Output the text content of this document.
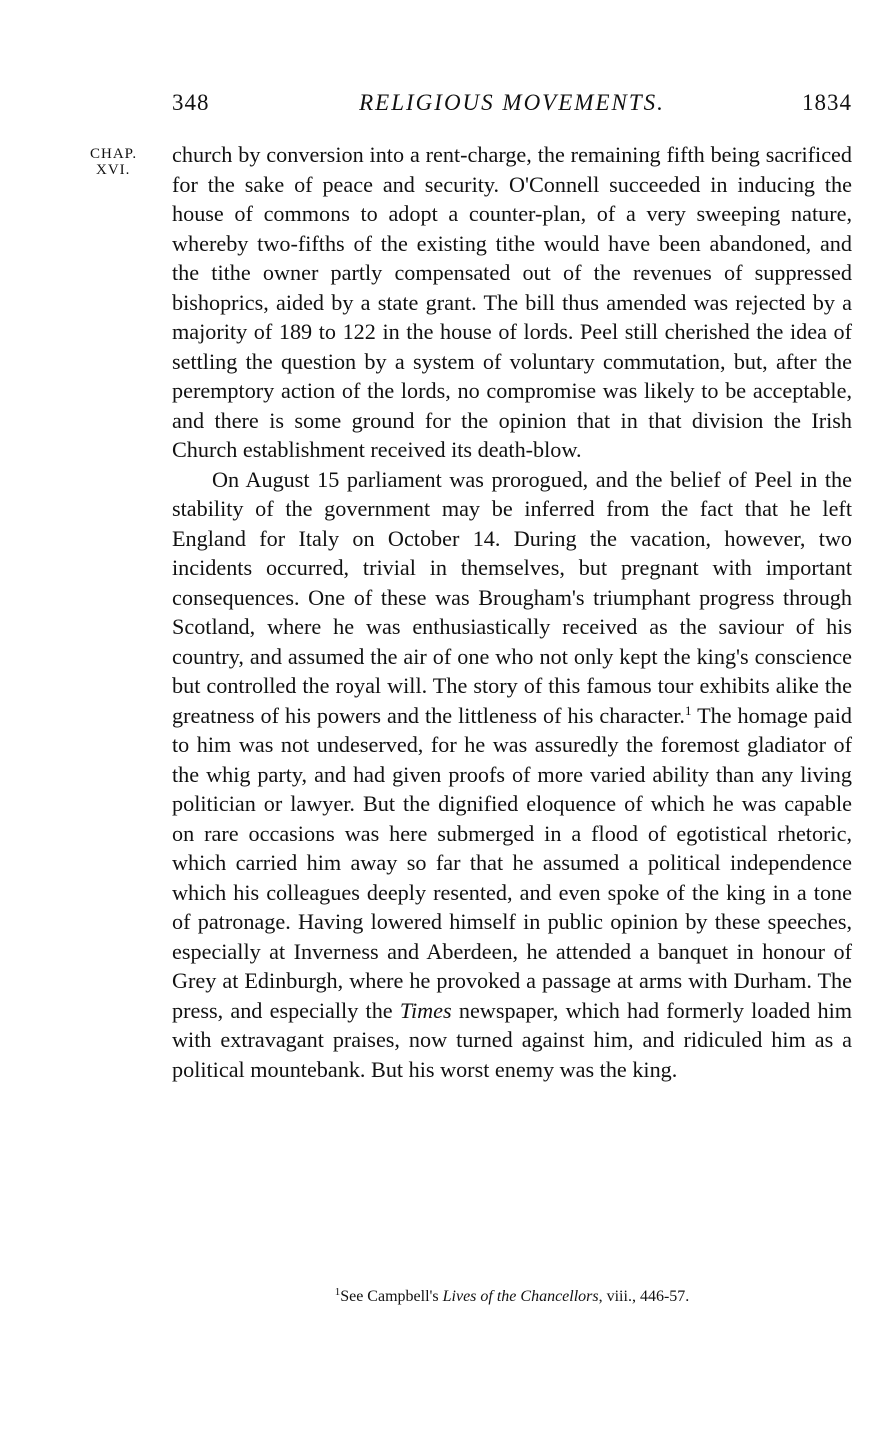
348	RELIGIOUS MOVEMENTS.	1834
CHAP.
XVI.

church by conversion into a rent-charge, the remaining fifth being sacrificed for the sake of peace and security. O'Connell succeeded in inducing the house of commons to adopt a counter-plan, of a very sweeping nature, whereby two-fifths of the existing tithe would have been abandoned, and the tithe owner partly compensated out of the revenues of suppressed bishoprics, aided by a state grant. The bill thus amended was rejected by a majority of 189 to 122 in the house of lords. Peel still cherished the idea of settling the question by a system of voluntary commutation, but, after the peremptory action of the lords, no compromise was likely to be acceptable, and there is some ground for the opinion that in that division the Irish Church establishment received its death-blow.

On August 15 parliament was prorogued, and the belief of Peel in the stability of the government may be inferred from the fact that he left England for Italy on October 14. During the vacation, however, two incidents occurred, trivial in themselves, but pregnant with important consequences. One of these was Brougham's triumphant progress through Scotland, where he was enthusiastically received as the saviour of his country, and assumed the air of one who not only kept the king's conscience but controlled the royal will. The story of this famous tour exhibits alike the greatness of his powers and the littleness of his character.$^1$ The homage paid to him was not undeserved, for he was assuredly the foremost gladiator of the whig party, and had given proofs of more varied ability than any living politician or lawyer. But the dignified eloquence of which he was capable on rare occasions was here submerged in a flood of egotistical rhetoric, which carried him away so far that he assumed a political independence which his colleagues deeply resented, and even spoke of the king in a tone of patronage. Having lowered himself in public opinion by these speeches, especially at Inverness and Aberdeen, he attended a banquet in honour of Grey at Edinburgh, where he provoked a passage at arms with Durham. The press, and especially the Times newspaper, which had formerly loaded him with extravagant praises, now turned against him, and ridiculed him as a political mountebank. But his worst enemy was the king.

$^1$See Campbell's Lives of the Chancellors, viii., 446-57.
